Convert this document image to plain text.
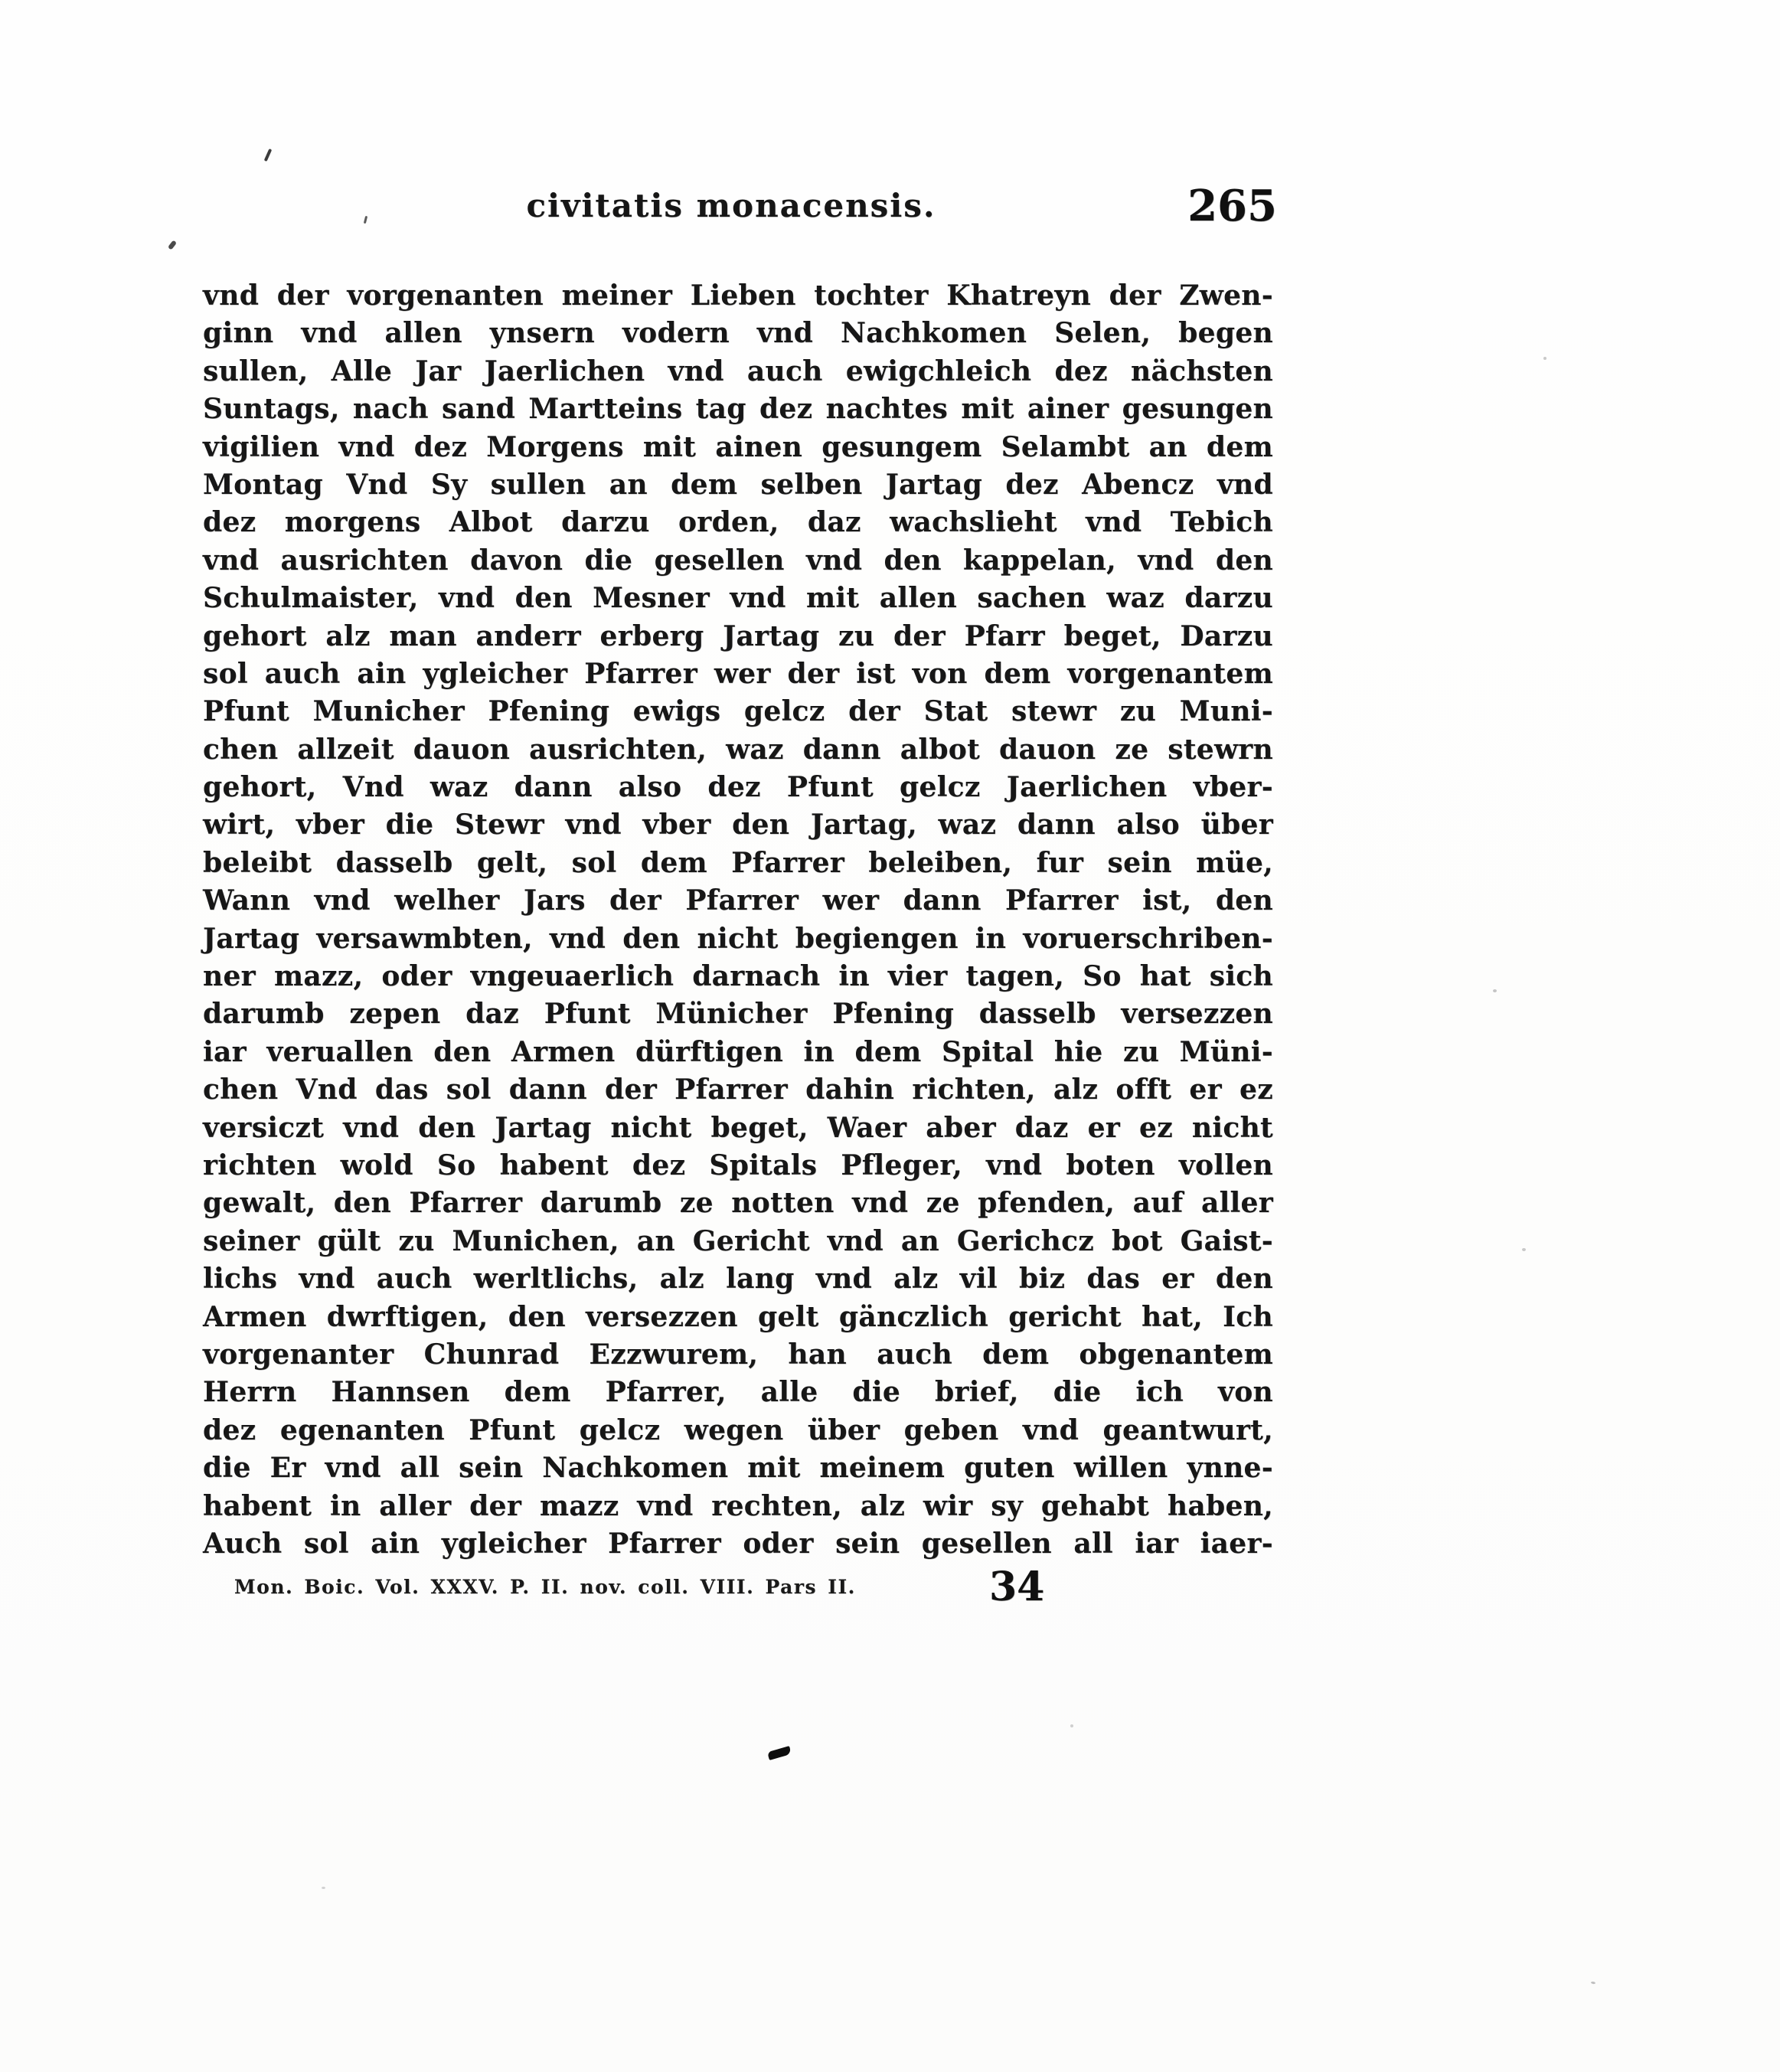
civitatis monacensis.	265
vnd der vorgenanten meiner Lieben tochter Khatreyn der Zwen-
ginn vnd allen ynsern vodern vnd Nachkomen Selen, begen
sullen, Alle Jar Jaerlichen vnd auch ewigchleich dez nächsten
Suntags, nach sand Martteins tag dez nachtes mit ainer gesungen
vigilien vnd dez Morgens mit ainen gesungem Selambt an dem
Montag Vnd Sy sullen an dem selben Jartag dez Abencz vnd
dez morgens Albot darzu orden, daz wachslieht vnd Tebich
vnd ausrichten davon die gesellen vnd den kappelan, vnd den
Schulmaister, vnd den Mesner vnd mit allen sachen waz darzu
gehort alz man anderr erberg Jartag zu der Pfarr beget, Darzu
sol auch ain ygleicher Pfarrer wer der ist von dem vorgenantem
Pfunt Municher Pfening ewigs gelcz der Stat stewr zu Muni-
chen allzeit dauon ausrichten, waz dann albot dauon ze stewrn
gehort, Vnd waz dann also dez Pfunt gelcz Jaerlichen vber-
wirt, vber die Stewr vnd vber den Jartag, waz dann also über
beleibt dasselb gelt, sol dem Pfarrer beleiben, fur sein müe,
Wann vnd welher Jars der Pfarrer wer dann Pfarrer ist, den
Jartag versawmbten, vnd den nicht begiengen in voruerschriben-
ner mazz, oder vngeuaerlich darnach in vier tagen, So hat sich
darumb zepen daz Pfunt Münicher Pfening dasselb versezzen
iar veruallen den Armen dürftigen in dem Spital hie zu Müni-
chen Vnd das sol dann der Pfarrer dahin richten, alz offt er ez
versiczt vnd den Jartag nicht beget, Waer aber daz er ez nicht
richten wold So habent dez Spitals Pfleger, vnd boten vollen
gewalt, den Pfarrer darumb ze notten vnd ze pfenden, auf aller
seiner gült zu Munichen, an Gericht vnd an Gerichcz bot Gaist-
lichs vnd auch werltlichs, alz lang vnd alz vil biz das er den
Armen dwrftigen, den versezzen gelt gänczlich gericht hat, Ich
vorgenanter Chunrad Ezzwurem, han auch dem obgenantem
Herrn Hannsen dem Pfarrer, alle die brief, die ich von
dez egenanten Pfunt gelcz wegen über geben vnd geantwurt,
die Er vnd all sein Nachkomen mit meinem guten willen ynne-
habent in aller der mazz vnd rechten, alz wir sy gehabt haben,
Auch sol ain ygleicher Pfarrer oder sein gesellen all iar iaer-
Mon. Boic. Vol. XXXV. P. II. nov. coll. VIII. Pars II.	34
